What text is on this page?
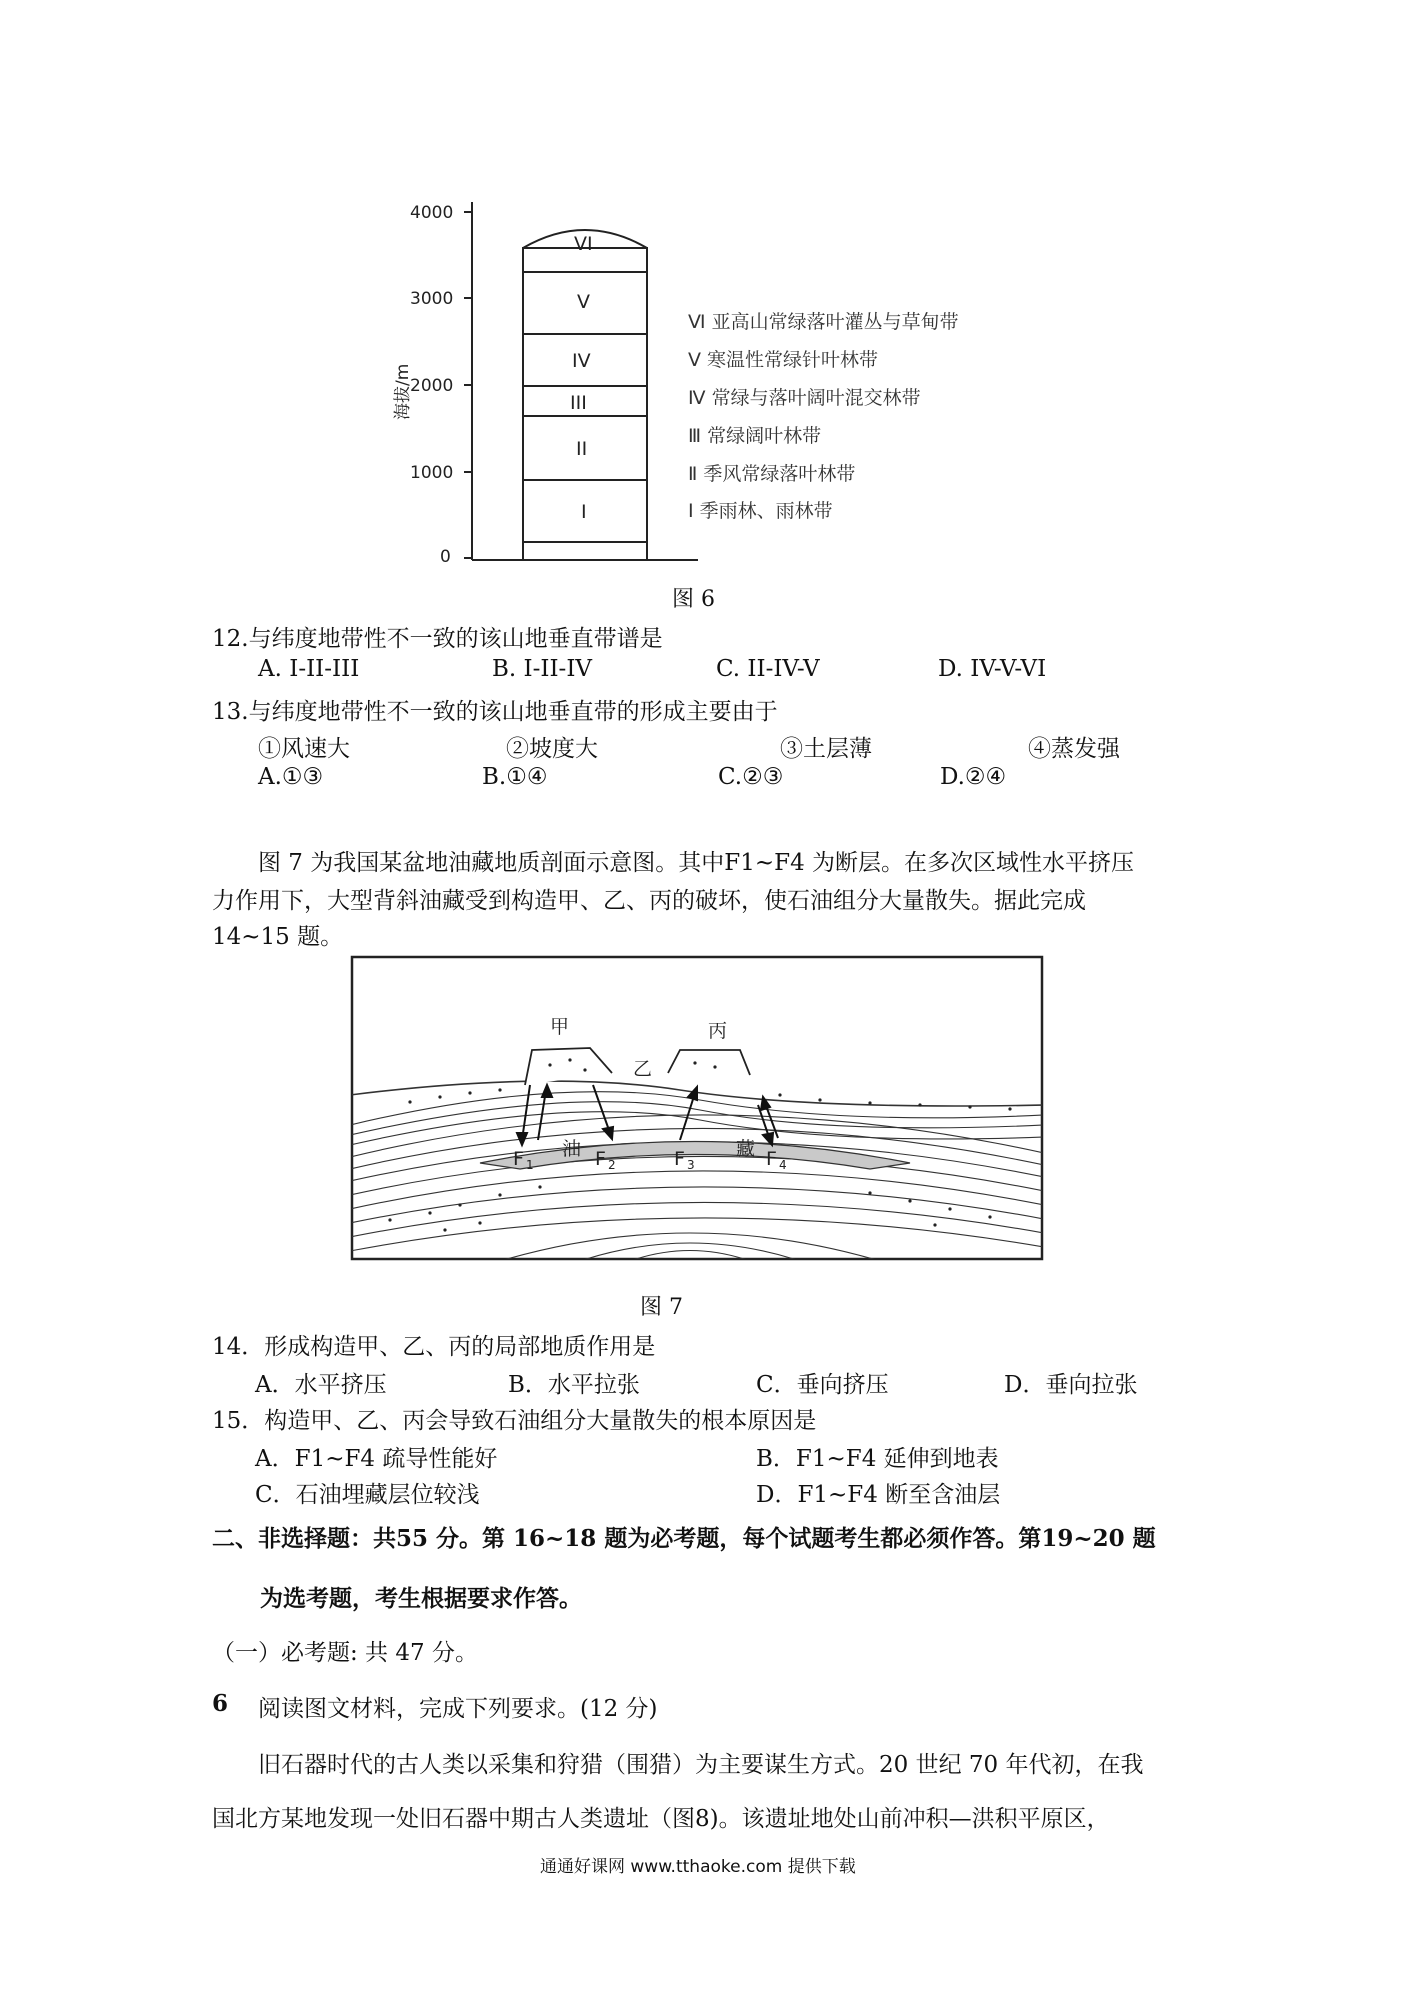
4000
3000
2000
1000
0
海拔/m
VI
V
IV
III
II
I
Ⅵ 亚高山常绿落叶灌丛与草甸带
Ⅴ 寒温性常绿针叶林带
Ⅳ 常绿与落叶阔叶混交林带
Ⅲ 常绿阔叶林带
Ⅱ 季风常绿落叶林带
Ⅰ 季雨林、雨林带
图 6
12.与纬度地带性不一致的该山地垂直带谱是
A. I-II-III	B. I-II-IV	C. II-IV-V	D. IV-V-VI
13.与纬度地带性不一致的该山地垂直带的形成主要由于
①风速大	②坡度大	③土层薄	④蒸发强
A.①③	B.①④	C.②③	D.②④
图 7 为我国某盆地油藏地质剖面示意图。其中F1~F4 为断层。在多次区域性水平挤压
力作用下，大型背斜油藏受到构造甲、乙、丙的破坏，使石油组分大量散失。据此完成
14~15 题。
甲
乙
丙
油	藏
F 1	F 2	F 3	F 4
图 7
14．形成构造甲、乙、丙的局部地质作用是
A．水平挤压	B．水平拉张	C．垂向挤压	D．垂向拉张
15．构造甲、乙、丙会导致石油组分大量散失的根本原因是
A．F1~F4 疏导性能好	B．F1~F4 延伸到地表
C．石油埋藏层位较浅	D．F1~F4 断至含油层
二、非选择题：共55 分。第 16~18 题为必考题，每个试题考生都必须作答。第19~20 题
为选考题，考生根据要求作答。
（一）必考题: 共 47 分。
6 阅读图文材料，完成下列要求。(12 分)
旧石器时代的古人类以采集和狩猎（围猎）为主要谋生方式。20 世纪 70 年代初，在我
国北方某地发现一处旧石器中期古人类遗址（图8)。该遗址地处山前冲积—洪积平原区，
通通好课网 www.tthaoke.com 提供下载
